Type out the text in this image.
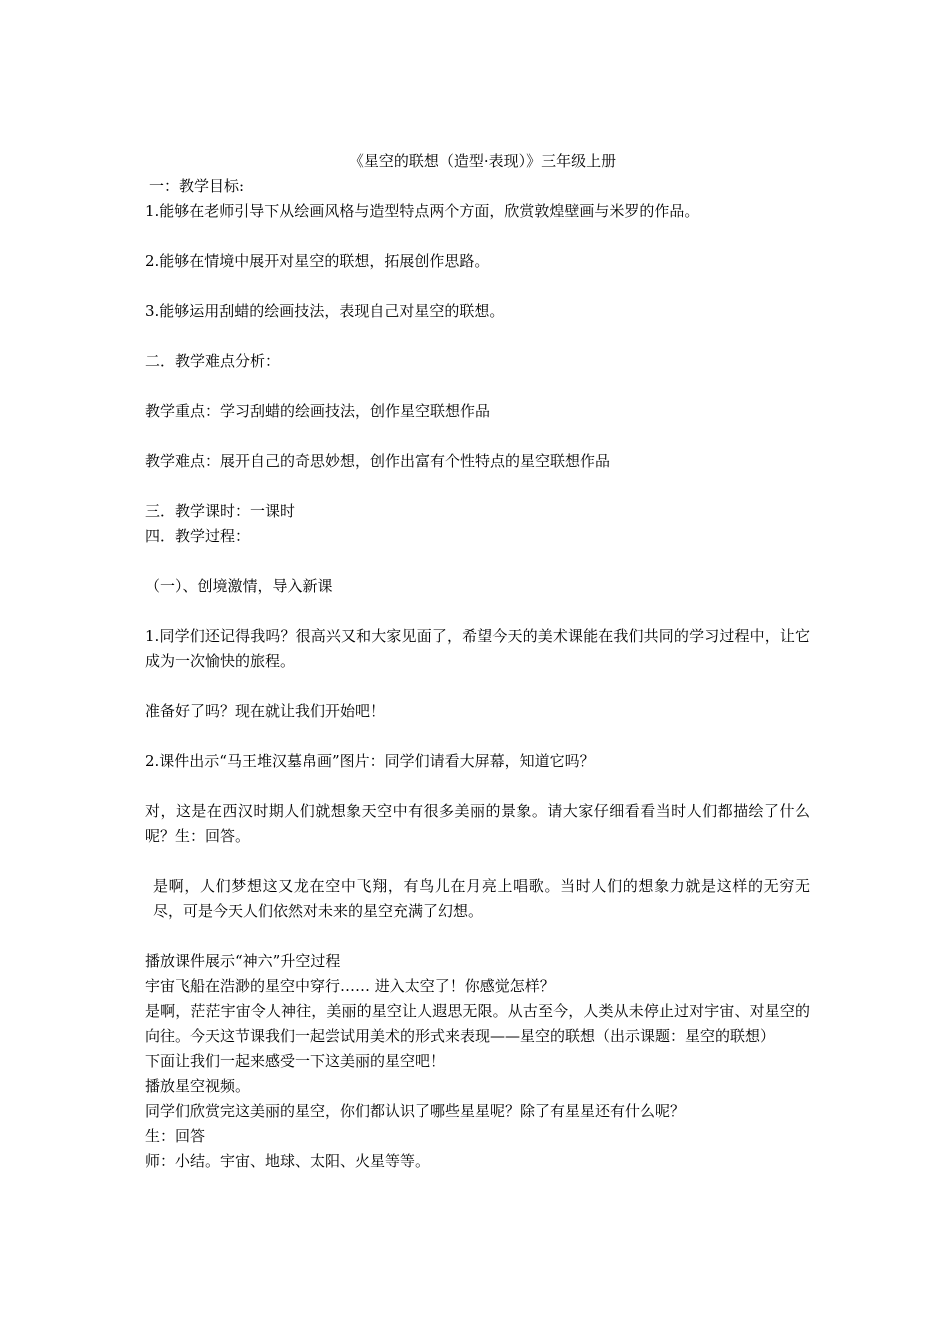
《星空的联想（造型·表现）》三年级上册

一：教学目标:

1.能够在老师引导下从绘画风格与造型特点两个方面，欣赏敦煌壁画与米罗的作品。

2.能够在情境中展开对星空的联想，拓展创作思路。

3.能够运用刮蜡的绘画技法，表现自己对星空的联想。

二．教学难点分析：

教学重点：学习刮蜡的绘画技法，创作星空联想作品

教学难点：展开自己的奇思妙想，创作出富有个性特点的星空联想作品

三．教学课时：一课时

四．教学过程：

（一）、创境激情，导入新课

1.同学们还记得我吗？很高兴又和大家见面了，希望今天的美术课能在我们共同的学习过程中，让它成为一次愉快的旅程。

准备好了吗？现在就让我们开始吧！

2.课件出示“马王堆汉墓帛画”图片：同学们请看大屏幕，知道它吗？

对，这是在西汉时期人们就想象天空中有很多美丽的景象。请大家仔细看看当时人们都描绘了什么呢？生：回答。

是啊，人们梦想这又龙在空中飞翔，有鸟儿在月亮上唱歌。当时人们的想象力就是这样的无穷无尽，可是今天人们依然对未来的星空充满了幻想。

播放课件展示“神六”升空过程

宇宙飞船在浩渺的星空中穿行…… 进入太空了！你感觉怎样？

是啊，茫茫宇宙令人神往，美丽的星空让人遐思无限。从古至今，人类从未停止过对宇宙、对星空的向往。今天这节课我们一起尝试用美术的形式来表现——星空的联想（出示课题：星空的联想）

下面让我们一起来感受一下这美丽的星空吧！

播放星空视频。

同学们欣赏完这美丽的星空，你们都认识了哪些星星呢？除了有星星还有什么呢？

生：回答

师：小结。宇宙、地球、太阳、火星等等。
